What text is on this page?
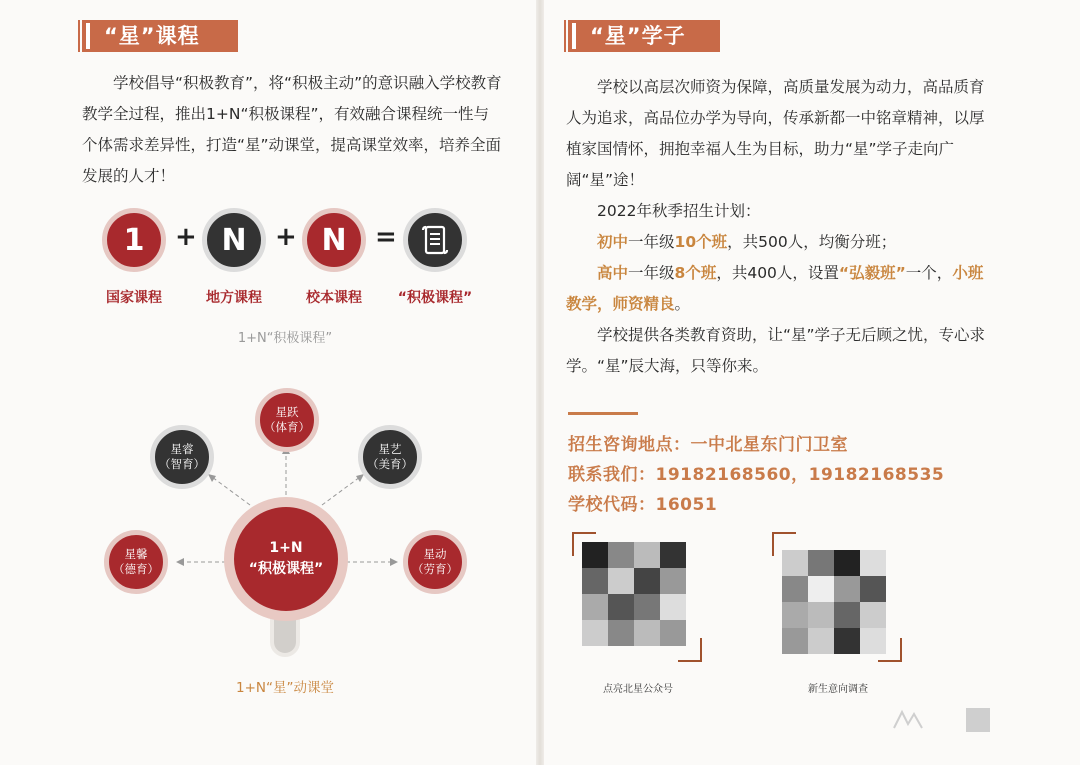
“星”课程

学校倡导“积极教育”，将“积极主动”的意识融入学校教育教学全过程，推出1+N“积极课程”，有效融合课程统一性与个体需求差异性，打造“星”动课堂，提高课堂效率，培养全面发展的人才！

1	+ N	+ N	=
国家课程	地方课程	校本课程	“积极课程”
1+N“积极课程”
星跃
（体育）
星睿
（智育）
星艺
（美育）
星馨
（德育）
星动
（劳育）
1+N
“积极课程”
1+N“星”动课堂
“星”学子

学校以高层次师资为保障，高质量发展为动力，高品质育人为追求，高品位办学为导向，传承新都一中铭章精神，以厚植家国情怀，拥抱幸福人生为目标，助力“星”学子走向广阔“星”途！

2022年秋季招生计划：

初中一年级10个班，共500人，均衡分班；

高中一年级8个班，共400人，设置“弘毅班”一个，小班教学，师资精良。

学校提供各类教育资助，让“星”学子无后顾之忧，专心求学。“星”辰大海，只等你来。

招生咨询地点：一中北星东门门卫室
联系我们：19182168560，19182168535
学校代码：16051
点亮北星公众号	新生意向调查
